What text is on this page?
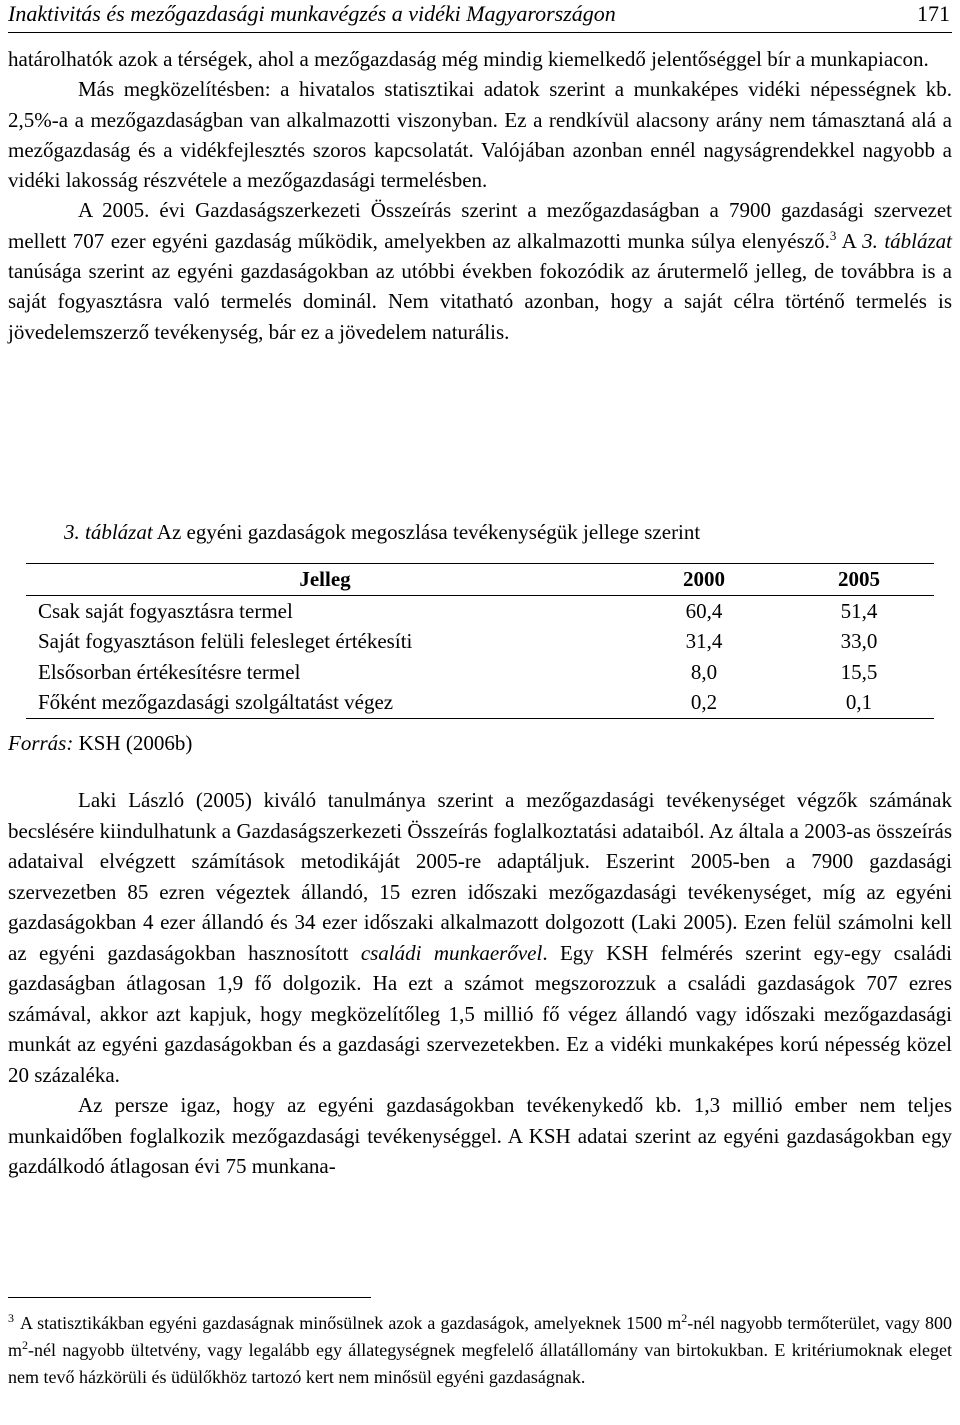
Inaktivitás és mezőgazdasági munkavégzés a vidéki Magyarországon	171

határolhatók azok a térségek, ahol a mezőgazdaság még mindig kiemelkedő jelentőséggel bír a munkapiacon.

Más megközelítésben: a hivatalos statisztikai adatok szerint a munkaképes vidéki népességnek kb. 2,5%-a a mezőgazdaságban van alkalmazotti viszonyban. Ez a rendkívül alacsony arány nem támasztaná alá a mezőgazdaság és a vidékfejlesztés szoros kapcsolatát. Valójában azonban ennél nagyságrendekkel nagyobb a vidéki lakosság részvétele a mezőgazdasági termelésben.

A 2005. évi Gazdaságszerkezeti Összeírás szerint a mezőgazdaságban a 7900 gazdasági szervezet mellett 707 ezer egyéni gazdaság működik, amelyekben az alkalmazotti munka súlya elenyésző.$^3$ A 3. táblázat tanúsága szerint az egyéni gazdaságokban az utóbbi években fokozódik az árutermelő jelleg, de továbbra is a saját fogyasztásra való termelés dominál. Nem vitatható azonban, hogy a saját célra történő termelés is jövedelemszerző tevékenység, bár ez a jövedelem naturális.

3. táblázat Az egyéni gazdaságok megoszlása tevékenységük jellege szerint
Jelleg	2000	2005
Csak saját fogyasztásra termel	60,4	51,4
Saját fogyasztáson felüli felesleget értékesíti	31,4	33,0
Elsősorban értékesítésre termel	8,0	15,5
Főként mezőgazdasági szolgáltatást végez	0,2	0,1
Forrás: KSH (2006b)

Laki László (2005) kiváló tanulmánya szerint a mezőgazdasági tevékenységet végzők számának becslésére kiindulhatunk a Gazdaságszerkezeti Összeírás foglalkoztatási adataiból. Az általa a 2003-as összeírás adataival elvégzett számítások metodikáját 2005-re adaptáljuk. Eszerint 2005-ben a 7900 gazdasági szervezetben 85 ezren végeztek állandó, 15 ezren időszaki mezőgazdasági tevékenységet, míg az egyéni gazdaságokban 4 ezer állandó és 34 ezer időszaki alkalmazott dolgozott (Laki 2005). Ezen felül számolni kell az egyéni gazdaságokban hasznosított családi munkaerővel. Egy KSH felmérés szerint egy-egy családi gazdaságban átlagosan 1,9 fő dolgozik. Ha ezt a számot megszorozzuk a családi gazdaságok 707 ezres számával, akkor azt kapjuk, hogy megközelítőleg 1,5 millió fő végez állandó vagy időszaki mezőgazdasági munkát az egyéni gazdaságokban és a gazdasági szervezetekben. Ez a vidéki munkaképes korú népesség közel 20 százaléka.

Az persze igaz, hogy az egyéni gazdaságokban tevékenykedő kb. 1,3 millió ember nem teljes munkaidőben foglalkozik mezőgazdasági tevékenységgel. A KSH adatai szerint az egyéni gazdaságokban egy gazdálkodó átlagosan évi 75 munkana-

$^3$ A statisztikákban egyéni gazdaságnak minősülnek azok a gazdaságok, amelyeknek 1500 $m^2$-nél nagyobb termőterület, vagy 800 $m^2$-nél nagyobb ültetvény, vagy legalább egy állategységnek megfelelő állatállomány van birtokukban. E kritériumoknak eleget nem tevő házkörüli és üdülőkhöz tartozó kert nem minősül egyéni gazdaságnak.
